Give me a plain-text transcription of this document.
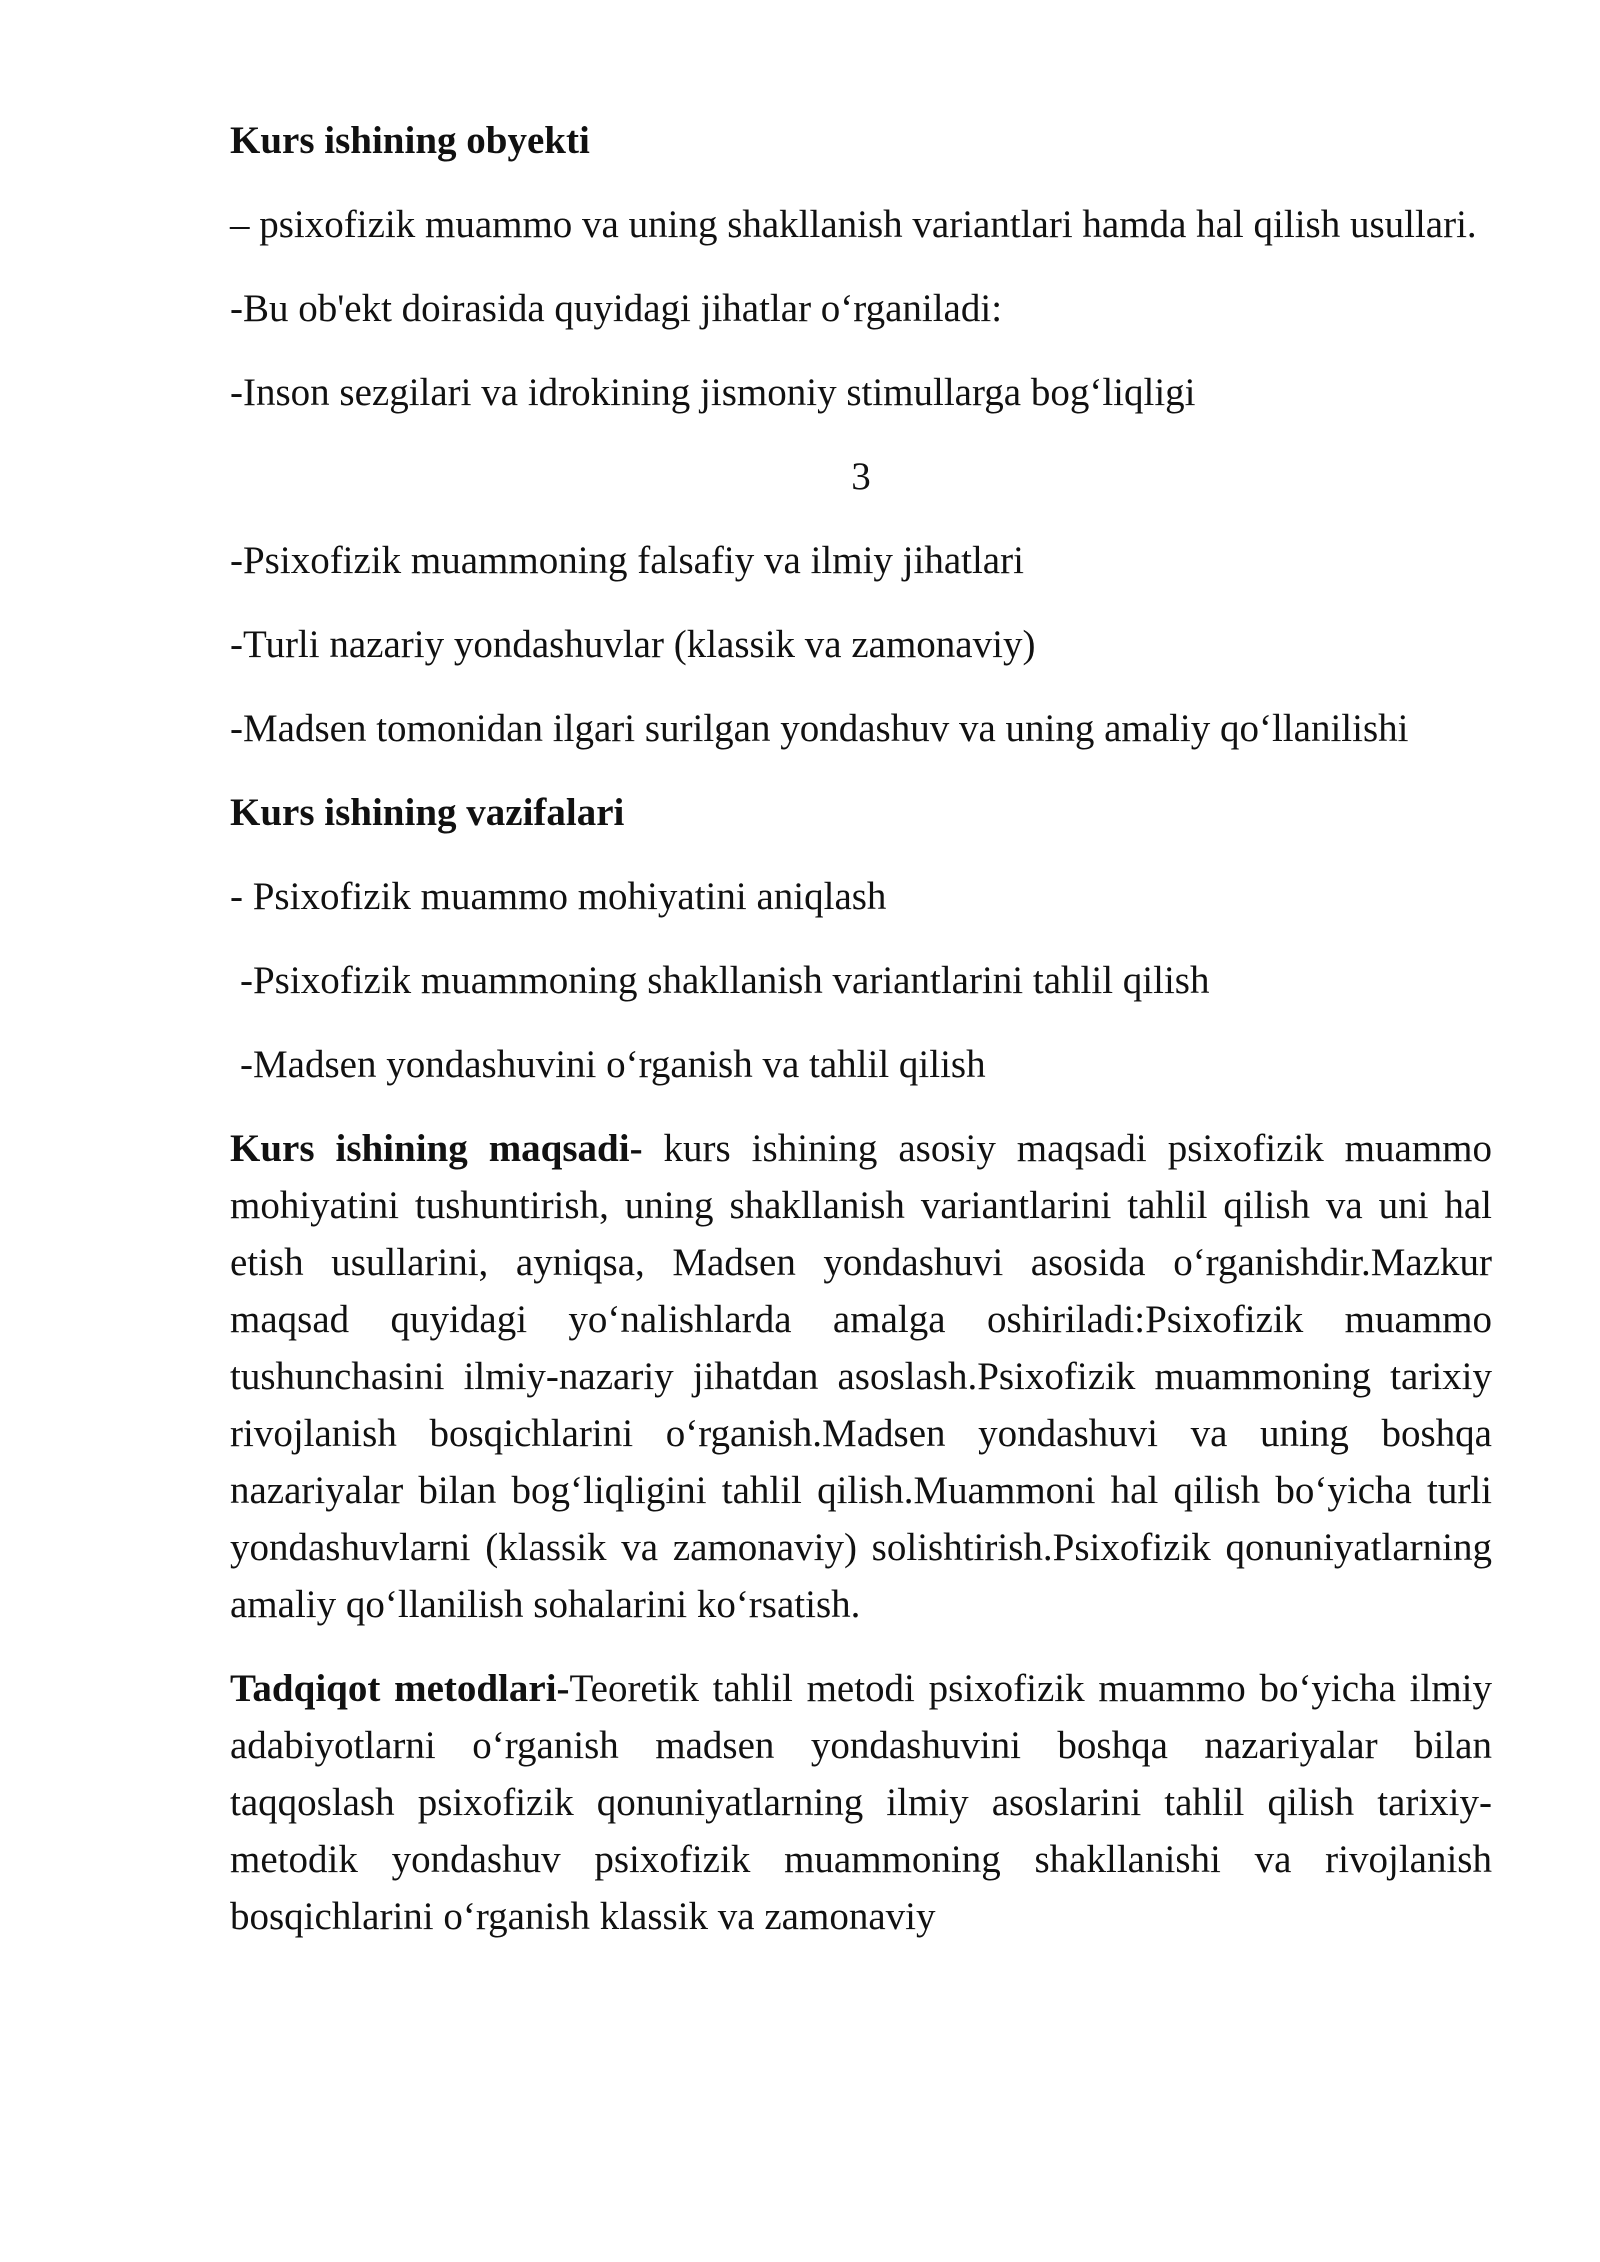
Kurs ishining obyekti
– psixofizik muammo va uning shakllanish variantlari hamda hal qilish usullari.
-Bu ob'ekt doirasida quyidagi jihatlar o‘rganiladi:
-Inson sezgilari va idrokining jismoniy stimullarga bog‘liqligi
3
-Psixofizik muammoning falsafiy va ilmiy jihatlari
-Turli nazariy yondashuvlar (klassik va zamonaviy)
-Madsen tomonidan ilgari surilgan yondashuv va uning amaliy qo‘llanilishi
Kurs ishining vazifalari
- Psixofizik muammo mohiyatini aniqlash
-Psixofizik muammoning shakllanish variantlarini tahlil qilish
-Madsen yondashuvini o‘rganish va tahlil qilish
Kurs ishining maqsadi- kurs ishining asosiy maqsadi psixofizik muammo mohiyatini tushuntirish, uning shakllanish variantlarini tahlil qilish va uni hal etish usullarini, ayniqsa, Madsen yondashuvi asosida o‘rganishdir.Mazkur maqsad quyidagi yo‘nalishlarda amalga oshiriladi:Psixofizik muammo tushunchasini ilmiy-nazariy jihatdan asoslash.Psixofizik muammoning tarixiy rivojlanish bosqichlarini o‘rganish.Madsen yondashuvi va uning boshqa nazariyalar bilan bog‘liqligini tahlil qilish.Muammoni hal qilish bo‘yicha turli yondashuvlarni (klassik va zamonaviy) solishtirish.Psixofizik qonuniyatlarning amaliy qo‘llanilish sohalarini ko‘rsatish.
Tadqiqot metodlari-Teoretik tahlil metodi psixofizik muammo bo‘yicha ilmiy adabiyotlarni o‘rganish madsen yondashuvini boshqa nazariyalar bilan taqqoslash psixofizik qonuniyatlarning ilmiy asoslarini tahlil qilish tarixiy-metodik yondashuv psixofizik muammoning shakllanishi va rivojlanish bosqichlarini o‘rganish klassik va zamonaviy
